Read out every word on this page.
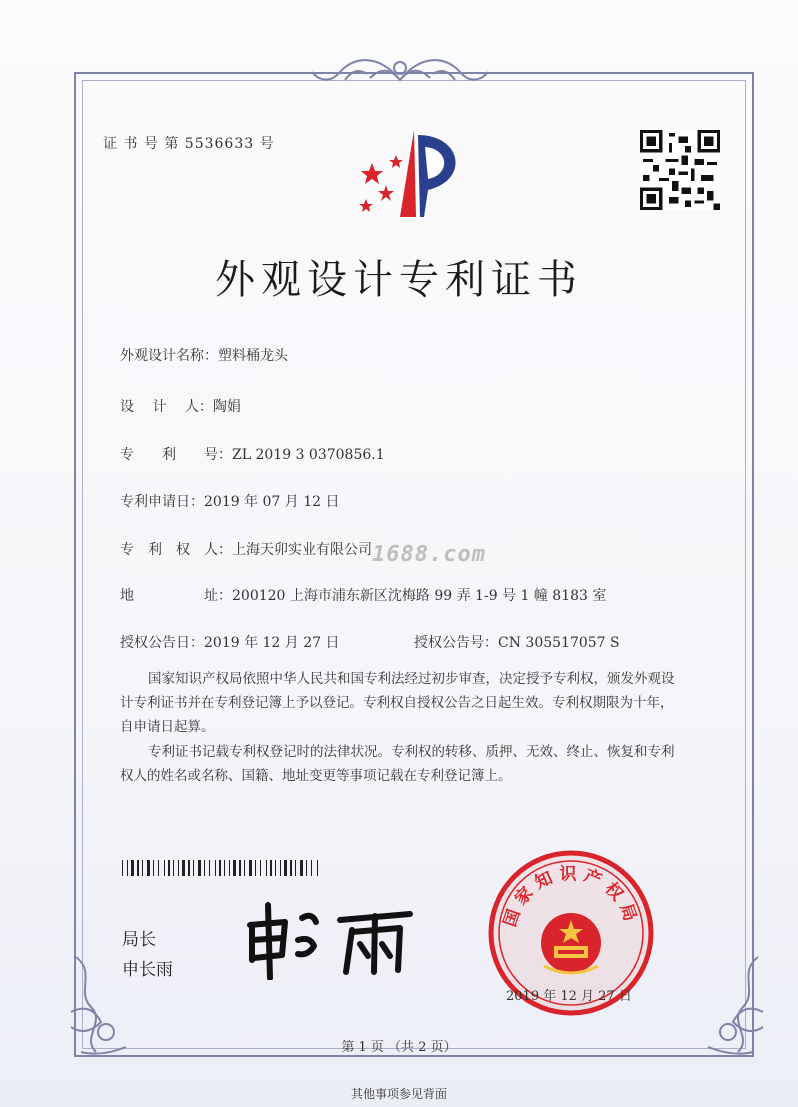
证 书 号 第 5536633 号
外观设计专利证书
外观设计名称：塑料桶龙头
设　 计　 人：陶娟
专　　利　　号：ZL 2019 3 0370856.1
专利申请日：2019 年 07 月 12 日
专　利　权　人：上海天卯实业有限公司
地　　　　　址：200120 上海市浦东新区沈梅路 99 弄 1-9 号 1 幢 8183 室
授权公告日：2019 年 12 月 27 日	授权公告号：CN 305517057 S
1688.com
国家知识产权局依照中华人民共和国专利法经过初步审查，决定授予专利权，颁发外观设计专利证书并在专利登记簿上予以登记。专利权自授权公告之日起生效。专利权期限为十年，自申请日起算。
专利证书记载专利权登记时的法律状况。专利权的转移、质押、无效、终止、恢复和专利权人的姓名或名称、国籍、地址变更等事项记载在专利登记簿上。
局长
申长雨
国家知识产权局
2019 年 12 月 27 日
第 1 页 （共 2 页）
其他事项参见背面
